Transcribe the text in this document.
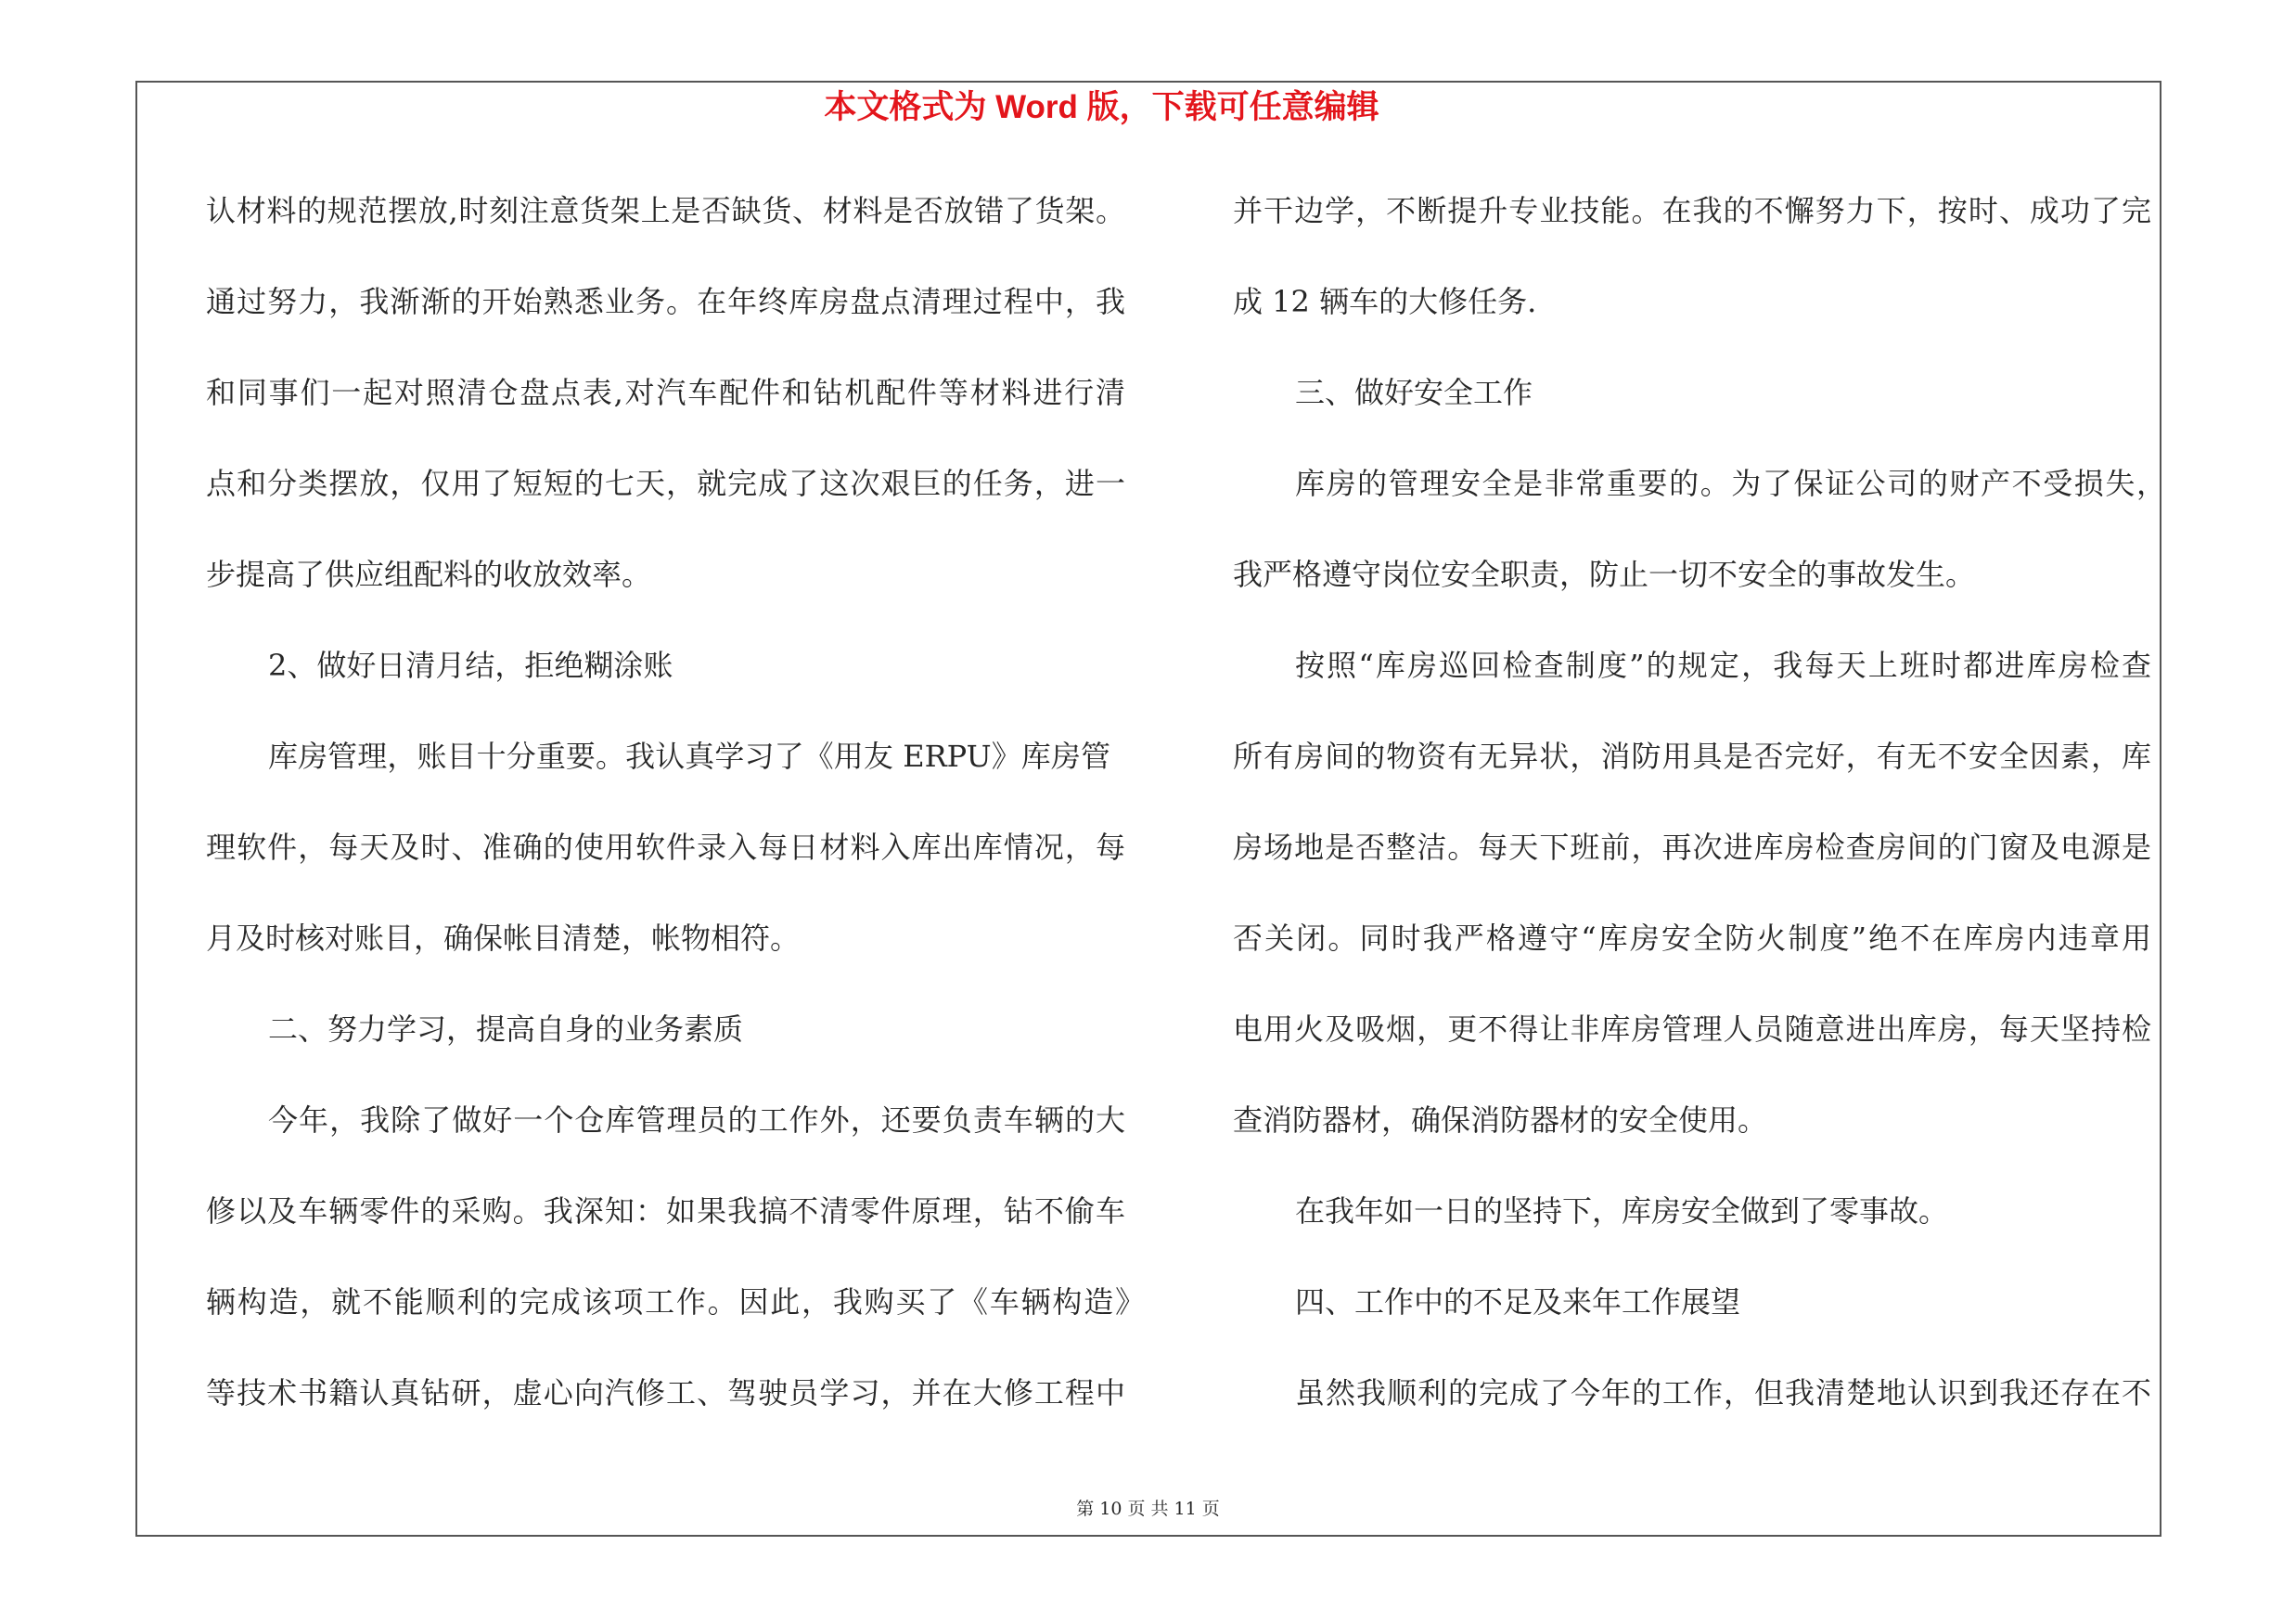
本文格式为 Word 版，下载可任意编辑
认材料的规范摆放,时刻注意货架上是否缺货、材料是否放错了货架。
通过努力，我渐渐的开始熟悉业务。在年终库房盘点清理过程中，我
和同事们一起对照清仓盘点表,对汽车配件和钻机配件等材料进行清
点和分类摆放，仅用了短短的七天，就完成了这次艰巨的任务，进一
步提高了供应组配料的收放效率。
2、做好日清月结，拒绝糊涂账
库房管理，账目十分重要。我认真学习了《用友 ERPU》库房管
理软件，每天及时、准确的使用软件录入每日材料入库出库情况，每
月及时核对账目，确保帐目清楚，帐物相符。
二、努力学习，提高自身的业务素质
今年，我除了做好一个仓库管理员的工作外，还要负责车辆的大
修以及车辆零件的采购。我深知：如果我搞不清零件原理，钻不偷车
辆构造，就不能顺利的完成该项工作。因此，我购买了《车辆构造》
等技术书籍认真钻研，虚心向汽修工、驾驶员学习，并在大修工程中
并干边学，不断提升专业技能。在我的不懈努力下，按时、成功了完
成 12 辆车的大修任务.
三、做好安全工作
库房的管理安全是非常重要的。为了保证公司的财产不受损失，
我严格遵守岗位安全职责，防止一切不安全的事故发生。
按照“库房巡回检查制度”的规定，我每天上班时都进库房检查
所有房间的物资有无异状，消防用具是否完好，有无不安全因素，库
房场地是否整洁。每天下班前，再次进库房检查房间的门窗及电源是
否关闭。同时我严格遵守“库房安全防火制度”绝不在库房内违章用
电用火及吸烟，更不得让非库房管理人员随意进出库房，每天坚持检
查消防器材，确保消防器材的安全使用。
在我年如一日的坚持下，库房安全做到了零事故。
四、工作中的不足及来年工作展望
虽然我顺利的完成了今年的工作，但我清楚地认识到我还存在不
第 10 页 共 11 页
